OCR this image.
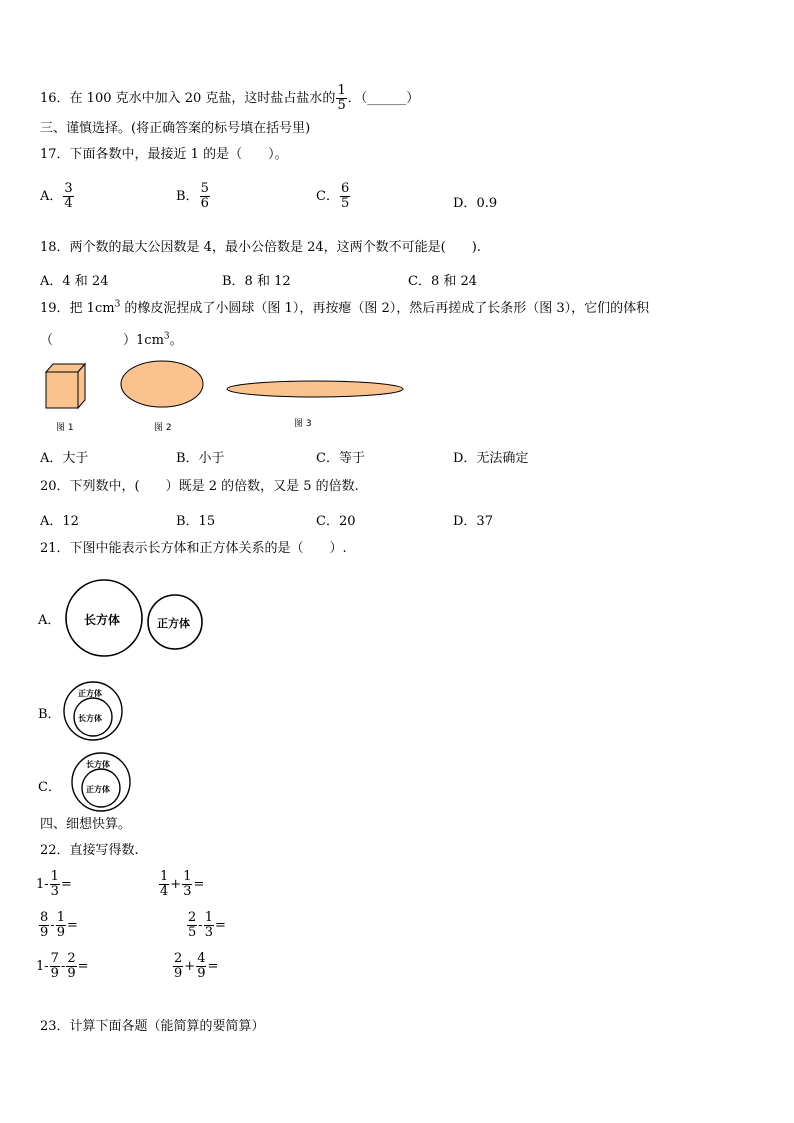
16．在 100 克水中加入 20 克盐，这时盐占盐水的 $\frac{1}{5}$ ．（______）
三、谨慎选择。(将正确答案的标号填在括号里)
17．下面各数中，最接近 1 的是（　　）。
A． $\frac{3}{4}$	B． $\frac{5}{6}$	C． $\frac{6}{5}$	D．0.9
18．两个数的最大公因数是 4，最小公倍数是 24，这两个数不可能是(　　).
A．4 和 24	B．8 和 12	C．8 和 24
19．把 $1cm^3$ 的橡皮泥捏成了小圆球（图 1），再按瘪（图 2），然后再搓成了长条形（图 3），它们的体积
（	）$1cm^3$。
图 1	图 2	图 3
A．大于	B．小于	C．等于	D．无法确定
20．下列数中，(　　）既是 2 的倍数，又是 5 的倍数.
A．12	B．15	C．20	D．37
21．下图中能表示长方体和正方体关系的是（　　）.
A． 长方体	正方体
B．
正方体
长方体
C．
长方体
正方体
四、细想快算。
22．直接写得数.
$1- \frac{1}{3}$ =	$\frac{1}{4} + \frac{1}{3}$ =
$\frac{8}{9} - \frac{1}{9}$ =	$\frac{2}{5} - \frac{1}{3}$ =
$1- \frac{7}{9} - \frac{2}{9}$ =	$\frac{2}{9} + \frac{4}{9}$ =
23．计算下面各题（能简算的要简算）
